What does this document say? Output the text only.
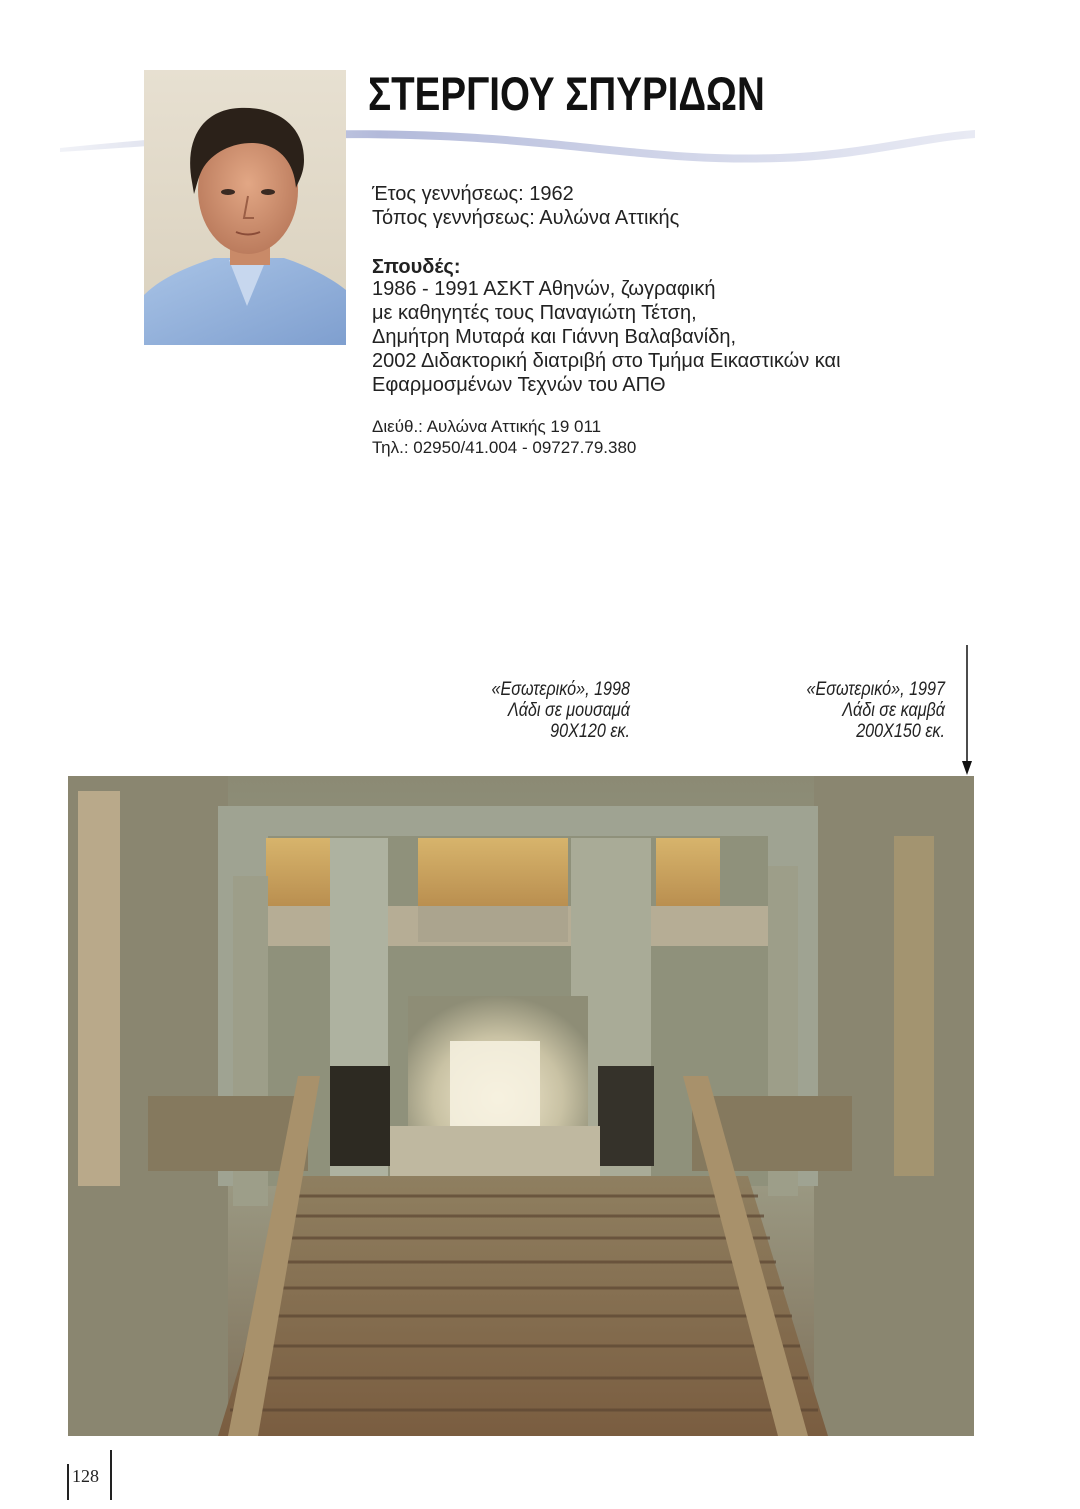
ΣΤΕΡΓΙΟΥ ΣΠΥΡΙΔΩΝ
Έτος γεννήσεως: 1962
Τόπος γεννήσεως: Αυλώνα Αττικής
Σπουδές:
1986 - 1991 ΑΣΚΤ Αθηνών, ζωγραφική
με καθηγητές τους Παναγιώτη Τέτση,
Δημήτρη Μυταρά και Γιάννη Βαλαβανίδη,
2002 Διδακτορική διατριβή στο Τμήμα Εικαστικών και
Εφαρμοσμένων Τεχνών του ΑΠΘ
Διεύθ.: Αυλώνα Αττικής 19 011
Τηλ.: 02950/41.004 - 09727.79.380
«Εσωτερικό», 1998
Λάδι σε μουσαμά
90Χ120 εκ.
«Εσωτερικό», 1997
Λάδι σε καμβά
200Χ150 εκ.
128
